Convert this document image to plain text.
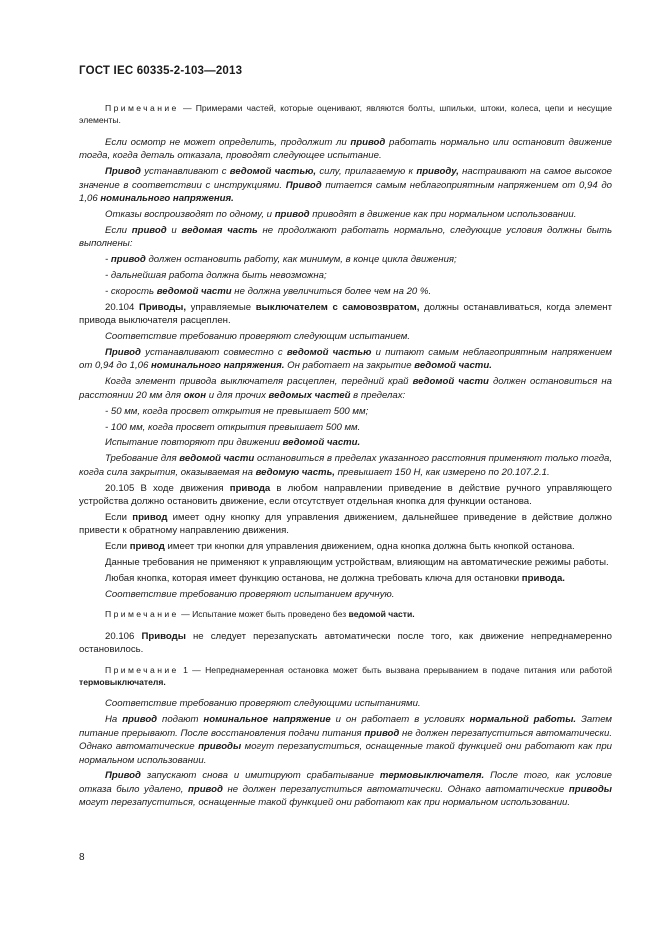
ГОСТ IEC 60335-2-103—2013
Примечание — Примерами частей, которые оценивают, являются болты, шпильки, штоки, колеса, цепи и несущие элементы.
Если осмотр не может определить, продолжит ли привод работать нормально или остановит движение тогда, когда деталь отказала, проводят следующее испытание.
Привод устанавливают с ведомой частью, силу, прилагаемую к приводу, настраивают на самое высокое значение в соответствии с инструкциями. Привод питается самым неблагоприятным напряжением от 0,94 до 1,06 номинального напряжения.
Отказы воспроизводят по одному, и привод приводят в движение как при нормальном использовании.
Если привод и ведомая часть не продолжают работать нормально, следующие условия должны быть выполнены:
- привод должен остановить работу, как минимум, в конце цикла движения;
- дальнейшая работа должна быть невозможна;
- скорость ведомой части не должна увеличиться более чем на 20 %.
20.104 Приводы, управляемые выключателем с самовозвратом, должны останавливаться, когда элемент привода выключателя расцеплен.
Соответствие требованию проверяют следующим испытанием.
Привод устанавливают совместно с ведомой частью и питают самым неблагоприятным напряжением от 0,94 до 1,06 номинального напряжения. Он работает на закрытие ведомой части.
Когда элемент привода выключателя расцеплен, передний край ведомой части должен остановиться на расстоянии 20 мм для окон и для прочих ведомых частей в пределах:
- 50 мм, когда просвет открытия не превышает 500 мм;
- 100 мм, когда просвет открытия превышает 500 мм.
Испытание повторяют при движении ведомой части.
Требование для ведомой части остановиться в пределах указанного расстояния применяют только тогда, когда сила закрытия, оказываемая на ведомую часть, превышает 150 Н, как измерено по 20.107.2.1.
20.105 В ходе движения привода в любом направлении приведение в действие ручного управляющего устройства должно остановить движение, если отсутствует отдельная кнопка для функции останова.
Если привод имеет одну кнопку для управления движением, дальнейшее приведение в действие должно привести к обратному направлению движения.
Если привод имеет три кнопки для управления движением, одна кнопка должна быть кнопкой останова.
Данные требования не применяют к управляющим устройствам, влияющим на автоматические режимы работы.
Любая кнопка, которая имеет функцию останова, не должна требовать ключа для остановки привода.
Соответствие требованию проверяют испытанием вручную.
Примечание — Испытание может быть проведено без ведомой части.
20.106 Приводы не следует перезапускать автоматически после того, как движение непреднамеренно остановилось.
Примечание 1 — Непреднамеренная остановка может быть вызвана прерыванием в подаче питания или работой термовыключателя.
Соответствие требованию проверяют следующими испытаниями.
На привод подают номинальное напряжение и он работает в условиях нормальной работы. Затем питание прерывают. После восстановления подачи питания привод не должен перезапуститься автоматически. Однако автоматические приводы могут перезапуститься, оснащенные такой функцией они работают как при нормальном использовании.
Привод запускают снова и имитируют срабатывание термовыключателя. После того, как условие отказа было удалено, привод не должен перезапуститься автоматически. Однако автоматические приводы могут перезапуститься, оснащенные такой функцией они работают как при нормальном использовании.
8
